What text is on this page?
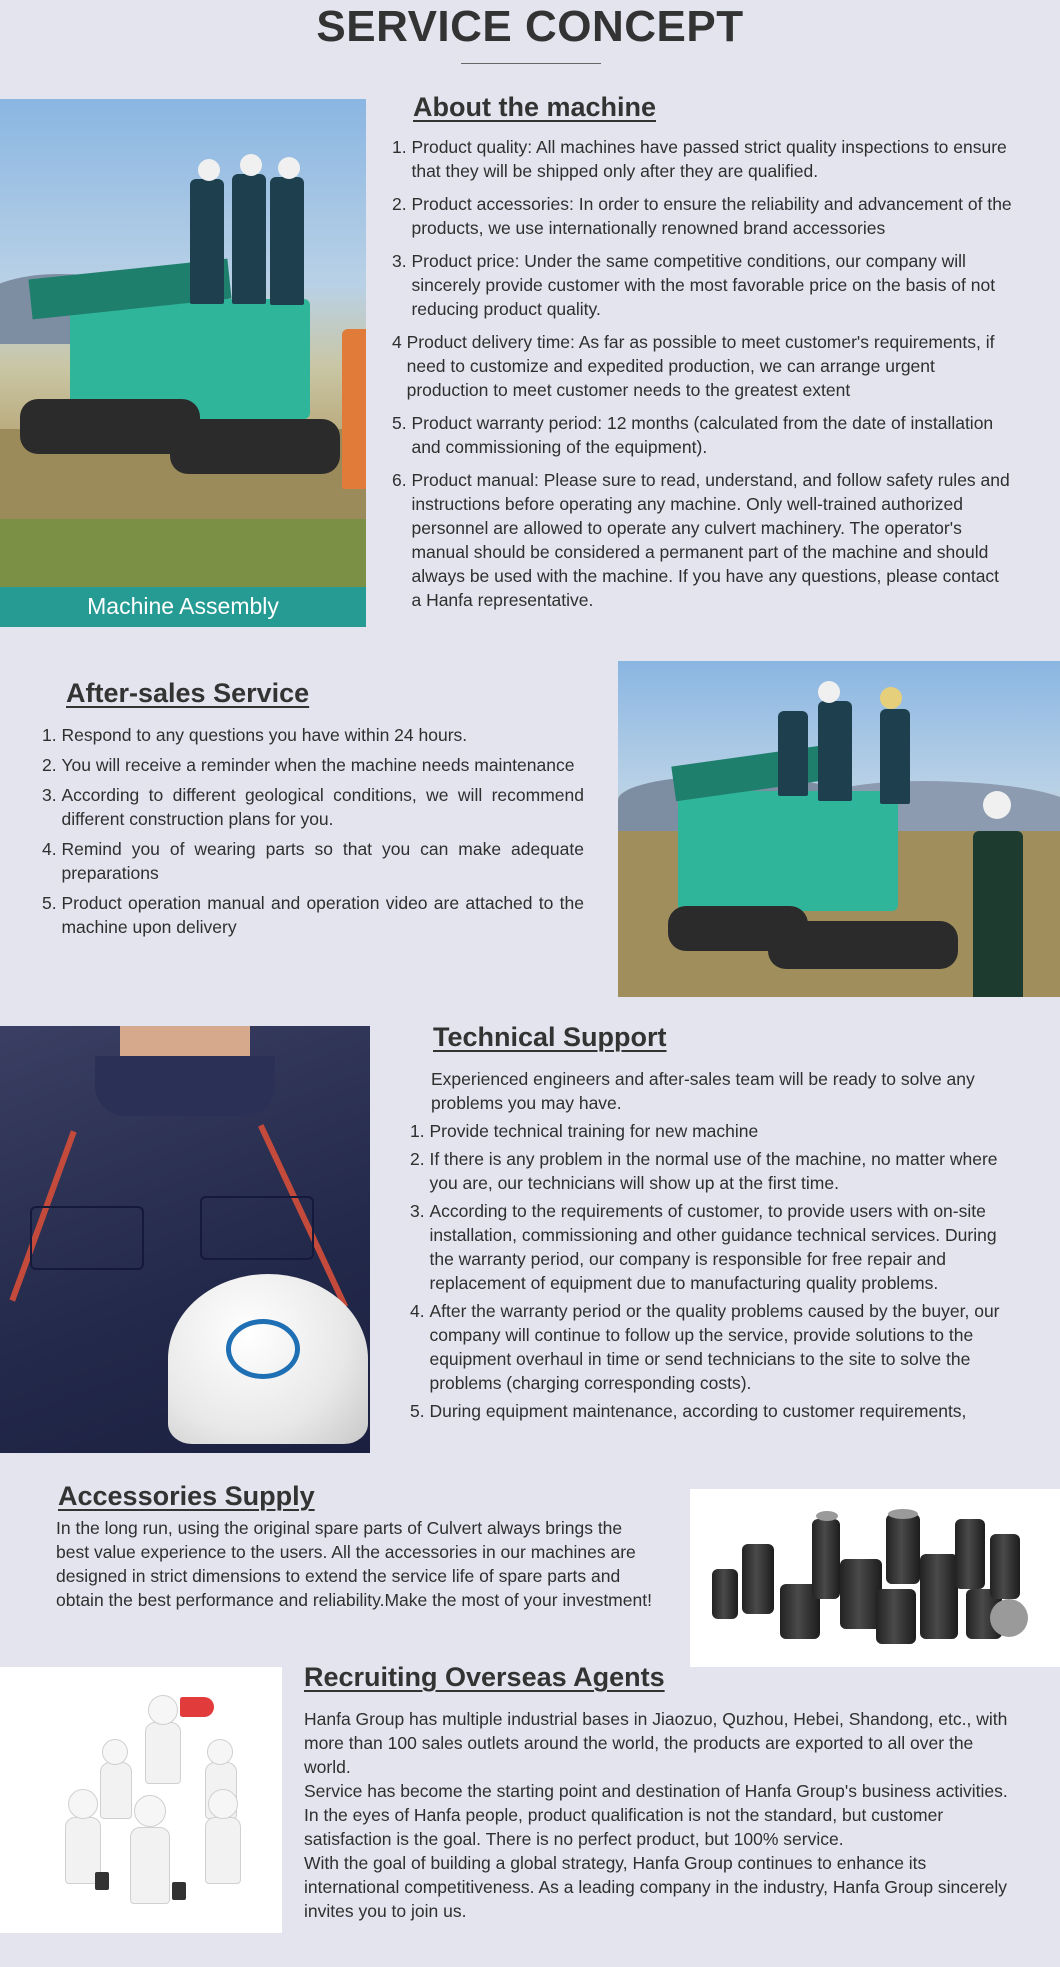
SERVICE CONCEPT
Machine Assembly
About the machine
1. Product quality: All machines have passed strict quality inspections to ensure that they will be shipped only after they are qualified.
2. Product accessories: In order to ensure the reliability and advancement of the products, we use internationally renowned brand accessories
3. Product price: Under the same competitive conditions, our company will sincerely provide customer with the most favorable price on the basis of not reducing product quality.
4 Product delivery time: As far as possible to meet customer's requirements, if need to customize and expedited production, we can arrange urgent production to meet customer needs to the greatest extent
5. Product warranty period: 12 months (calculated from the date of installation and commissioning of the equipment).
6. Product manual: Please sure to read, understand, and follow safety rules and instructions before operating any machine. Only well-trained authorized personnel are allowed to operate any culvert machinery. The operator's manual should be considered a permanent part of the machine and should always be used with the machine. If you have any questions, please contact a Hanfa representative.
After-sales Service
1. Respond to any questions you have within 24 hours.
2. You will receive a reminder when the machine needs maintenance
3. According to different geological conditions, we will recommend different construction plans for you.
4. Remind you of wearing parts so that you can make adequate preparations
5. Product operation manual and operation video are attached to the machine upon delivery
Technical Support
Experienced engineers and after-sales team will be ready to solve any problems you may have.
1. Provide technical training for new machine
2. If there is any problem in the normal use of the machine, no matter where you are, our technicians will show up at the first time.
3. According to the requirements of customer, to provide users with on-site installation, commissioning and other guidance technical services. During the warranty period, our company is responsible for free repair and replacement of equipment due to manufacturing quality problems.
4. After the warranty period or the quality problems caused by the buyer, our company will continue to follow up the service, provide solutions to the equipment overhaul in time or send technicians to the site to solve the problems (charging corresponding costs).
5. During equipment maintenance, according to customer requirements,
Accessories Supply
In the long run, using the original spare parts of Culvert always brings the best value experience to the users. All the accessories in our machines are designed in strict dimensions to extend the service life of spare parts and obtain the best performance and reliability.Make the most of your investment!
Recruiting Overseas Agents
Hanfa Group has multiple industrial bases in Jiaozuo, Quzhou, Hebei, Shandong, etc., with more than 100 sales outlets around the world, the products are exported to all over the world.
Service has become the starting point and destination of Hanfa Group's business activities. In the eyes of Hanfa people, product qualification is not the standard, but customer satisfaction is the goal. There is no perfect product, but 100% service.
With the goal of building a global strategy, Hanfa Group continues to enhance its international competitiveness. As a leading company in the industry, Hanfa Group sincerely invites you to join us.
